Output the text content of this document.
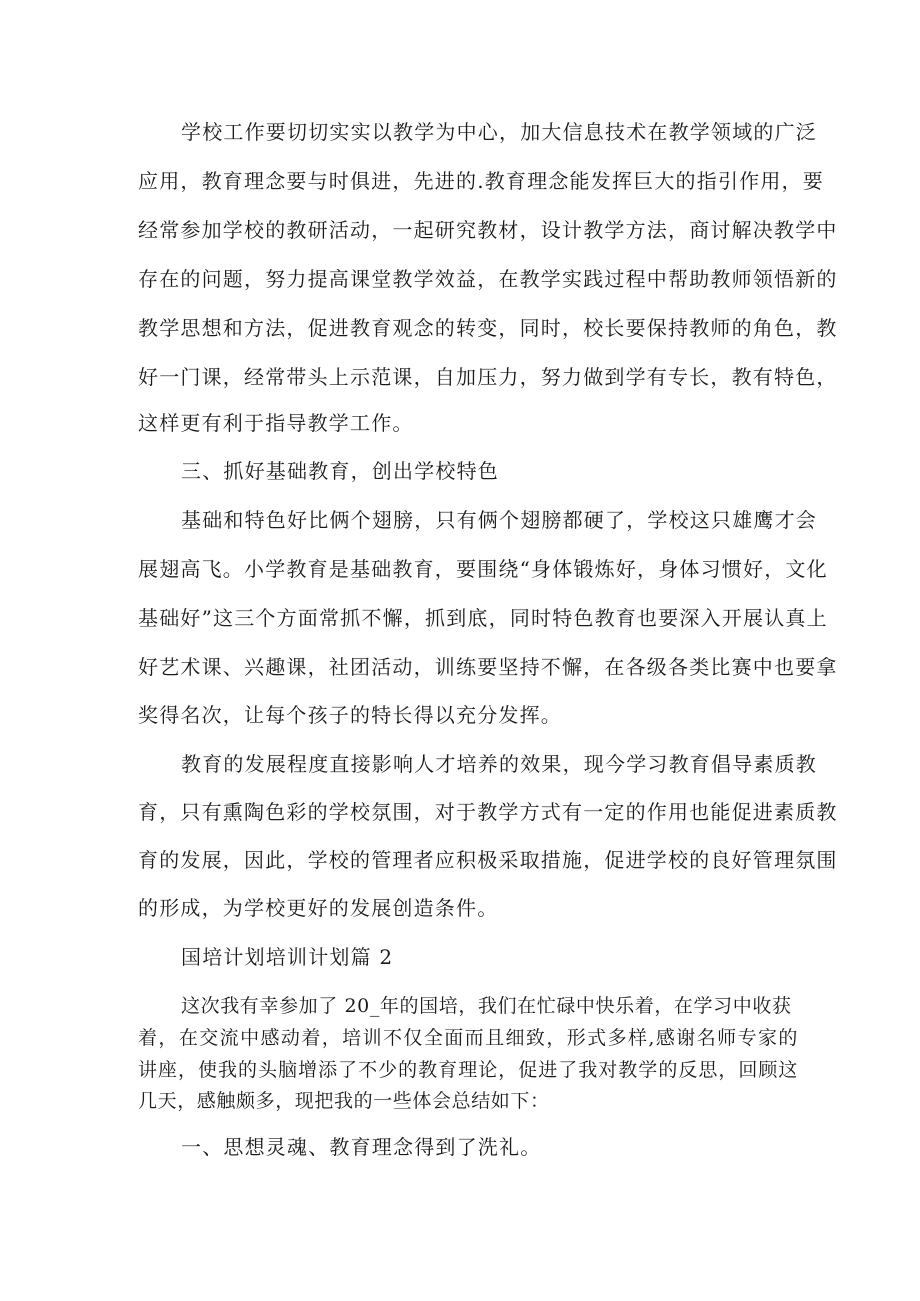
学校工作要切切实实以教学为中心，加大信息技术在教学领域的广泛
应用，教育理念要与时俱进，先进的.教育理念能发挥巨大的指引作用，要
经常参加学校的教研活动，一起研究教材，设计教学方法，商讨解决教学中
存在的问题，努力提高课堂教学效益，在教学实践过程中帮助教师领悟新的
教学思想和方法，促进教育观念的转变，同时，校长要保持教师的角色，教
好一门课，经常带头上示范课，自加压力，努力做到学有专长，教有特色，
这样更有利于指导教学工作。
三、抓好基础教育，创出学校特色
基础和特色好比俩个翅膀，只有俩个翅膀都硬了，学校这只雄鹰才会
展翅高飞。小学教育是基础教育，要围绕“身体锻炼好，身体习惯好，文化
基础好”这三个方面常抓不懈，抓到底，同时特色教育也要深入开展认真上
好艺术课、兴趣课，社团活动，训练要坚持不懈，在各级各类比赛中也要拿
奖得名次，让每个孩子的特长得以充分发挥。
教育的发展程度直接影响人才培养的效果，现今学习教育倡导素质教
育，只有熏陶色彩的学校氛围，对于教学方式有一定的作用也能促进素质教
育的发展，因此，学校的管理者应积极采取措施，促进学校的良好管理氛围
的形成，为学校更好的发展创造条件。
国培计划培训计划篇 2
这次我有幸参加了 20_年的国培，我们在忙碌中快乐着，在学习中收获
着，在交流中感动着，培训不仅全面而且细致，形式多样,感谢名师专家的
讲座，使我的头脑增添了不少的教育理论，促进了我对教学的反思，回顾这
几天，感触颇多，现把我的一些体会总结如下：
一、思想灵魂、教育理念得到了洗礼。
